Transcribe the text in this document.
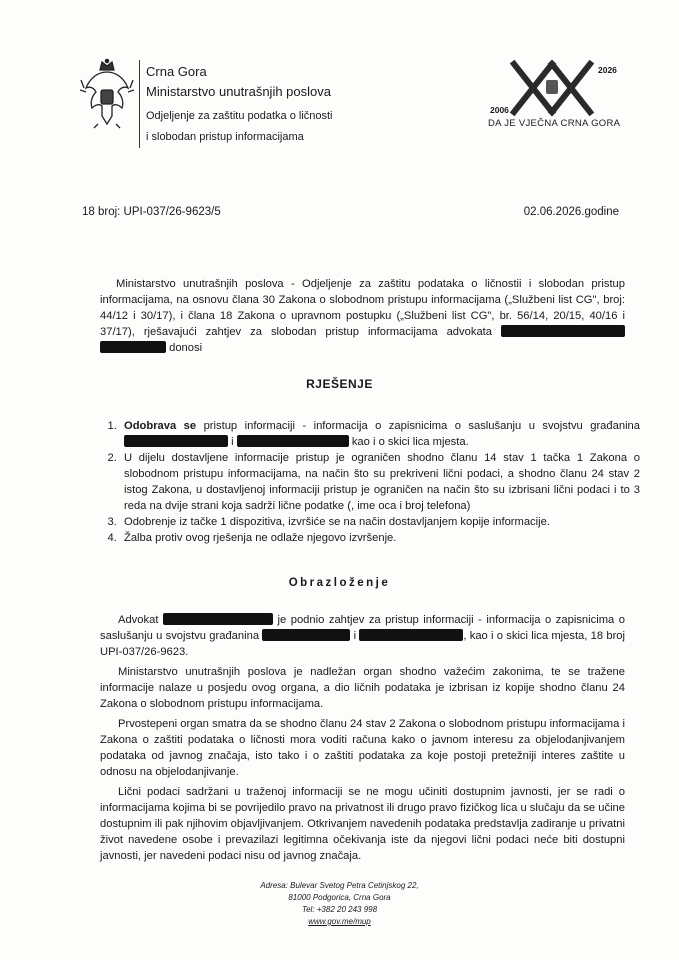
Crna Gora
Ministarstvo unutrašnjih poslova
Odjeljenje za zaštitu podatka o ličnosti
i slobodan pristup informacijama
2026
2006
DA JE VJEČNA CRNA GORA
18 broj: UPI-037/26-9623/5	02.06.2026.godine
Ministarstvo unutrašnjih poslova - Odjeljenje za zaštitu podataka o ličnostii i slobodan pristup informacijama, na osnovu člana 30 Zakona o slobodnom pristupu informacijama („Službeni list CG", broj: 44/12 i 30/17), i člana 18 Zakona o upravnom postupku („Službeni list CG", br. 56/14, 20/15, 40/16 i 37/17), rješavajući zahtjev za slobodan pristup informacijama advokata   donosi
RJEŠENJE
1. Odobrava se pristup informaciji - informacija o zapisnicima o saslušanju u svojstvu građanina  i	kao i o skici lica mjesta.
2. U dijelu dostavljene informacije pristup je ograničen shodno članu 14 stav 1 tačka 1 Zakona o slobodnom pristupu informacijama, na način što su prekriveni lični podaci, a shodno članu 24 stav 2 istog Zakona, u dostavljenoj informaciji pristup je ograničen na način što su izbrisani lični podaci i to 3 reda na dvije strani koja sadrži lične podatke (, ime oca i broj telefona)
3. Odobrenje iz tačke 1 dispozitiva, izvršiće se na način dostavljanjem kopije informacije.
4. Žalba protiv ovog rješenja ne odlaže njegovo izvršenje.
Obrazloženje

Advokat	je podnio zahtjev za pristup informaciji - informacija o zapisnicima o saslušanju u svojstvu građanina	i	, kao i o skici lica mjesta, 18 broj UPI-037/26-9623.

Ministarstvo unutrašnjih poslova je nadležan organ shodno važećim zakonima, te se tražene informacije nalaze u posjedu ovog organa, a dio ličnih podataka je izbrisan iz kopije shodno članu 24 Zakona o slobodnom pristupu informacijama.

Prvostepeni organ smatra da se shodno članu 24 stav 2 Zakona o slobodnom pristupu informacijama i Zakona o zaštiti podataka o ličnosti mora voditi računa kako o javnom interesu za objelodanjivanjem podataka od javnog značaja, isto tako i o zaštiti podataka za koje postoji pretežniji interes zaštite u odnosu na objelodanjivanje.

Lični podaci sadržani u traženoj informaciji se ne mogu učiniti dostupnim javnosti, jer se radi o informacijama kojima bi se povrijedilo pravo na privatnost ili drugo pravo fizičkog lica u slučaju da se učine dostupnim ili pak njihovim objavljivanjem. Otkrivanjem navedenih podataka predstavlja zadiranje u privatni život navedene osobe i prevazilazi legitimna očekivanja iste da njegovi lični podaci neće biti dostupni javnosti, jer navedeni podaci nisu od javnog značaja.

Adresa: Bulevar Svetog Petra Cetinjskog 22,
81000 Podgorica, Crna Gora
Tel: +382 20 243 998
www.gov.me/mup
